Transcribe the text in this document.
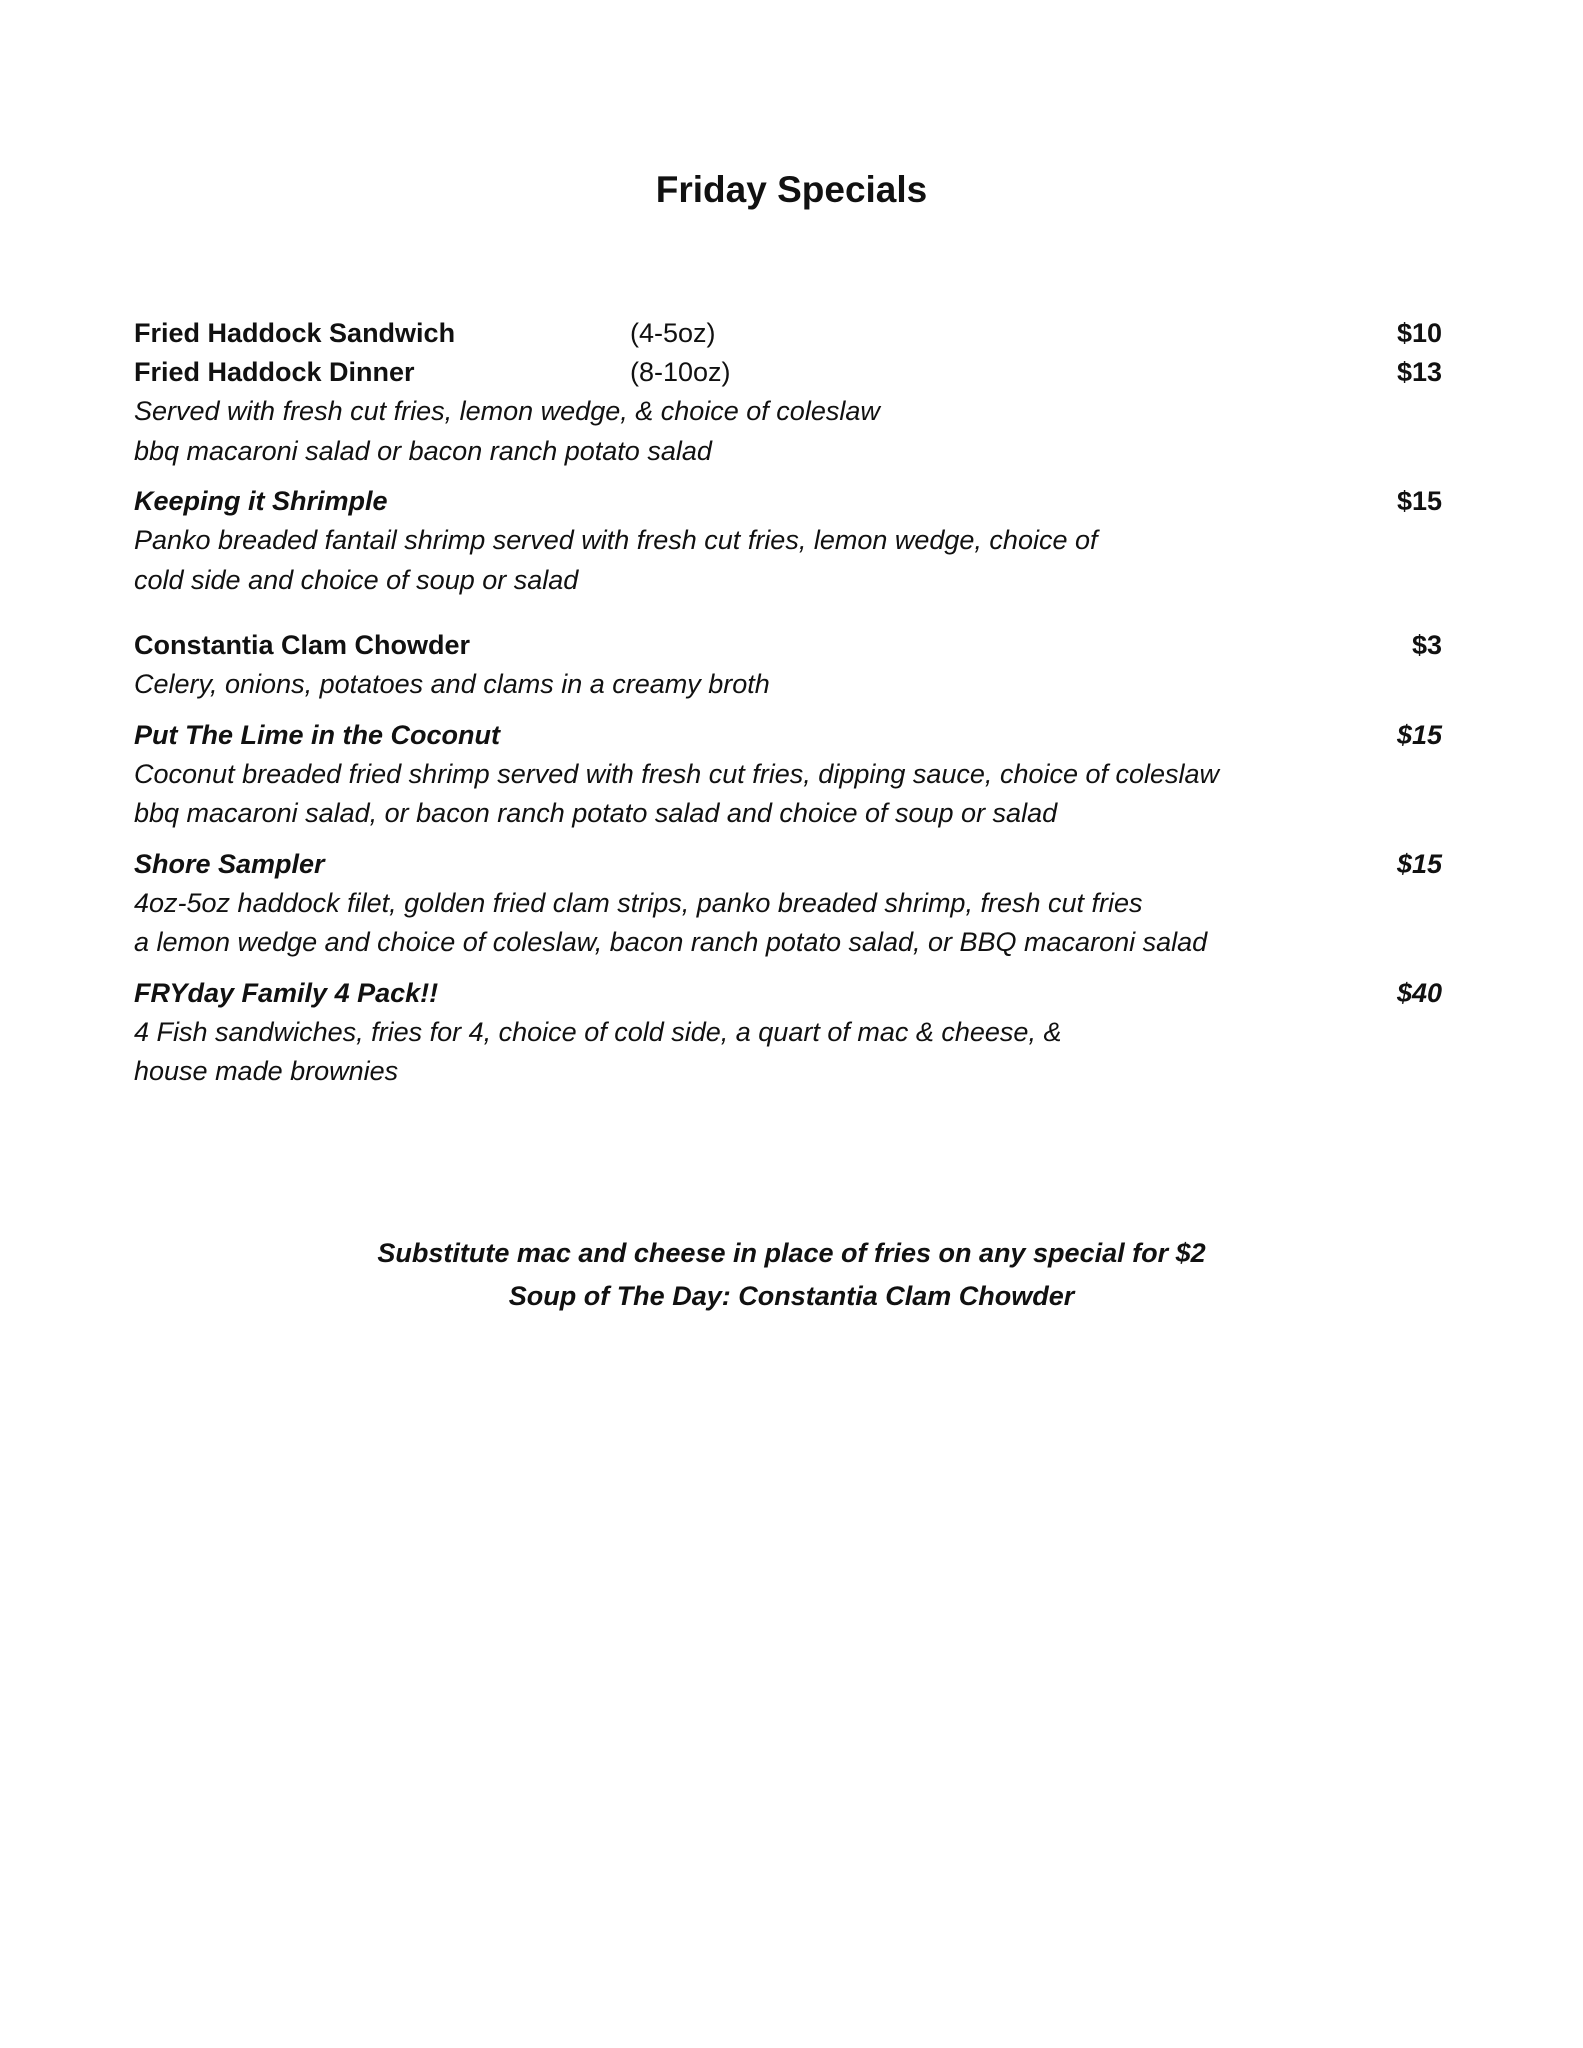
Friday Specials
Fried Haddock Sandwich	(4-5oz)	$10
Fried Haddock Dinner	(8-10oz)	$13
Served with fresh cut fries, lemon wedge, & choice of coleslaw
bbq macaroni salad or bacon ranch potato salad
Keeping it Shrimple	$15
Panko breaded fantail shrimp served with fresh cut fries, lemon wedge, choice of
cold side and choice of soup or salad
Constantia Clam Chowder	$3
Celery, onions, potatoes and clams in a creamy broth
Put The Lime in the Coconut	$15
Coconut breaded fried shrimp served with fresh cut fries, dipping sauce, choice of coleslaw
bbq macaroni salad, or bacon ranch potato salad and choice of soup or salad
Shore Sampler	$15
4oz-5oz haddock filet, golden fried clam strips, panko breaded shrimp, fresh cut fries
a lemon wedge and choice of coleslaw, bacon ranch potato salad, or BBQ macaroni salad
FRYday Family 4 Pack!!	$40
4 Fish sandwiches, fries for 4, choice of cold side, a quart of mac & cheese, &
house made brownies
Substitute mac and cheese in place of fries on any special for $2
Soup of The Day: Constantia Clam Chowder
